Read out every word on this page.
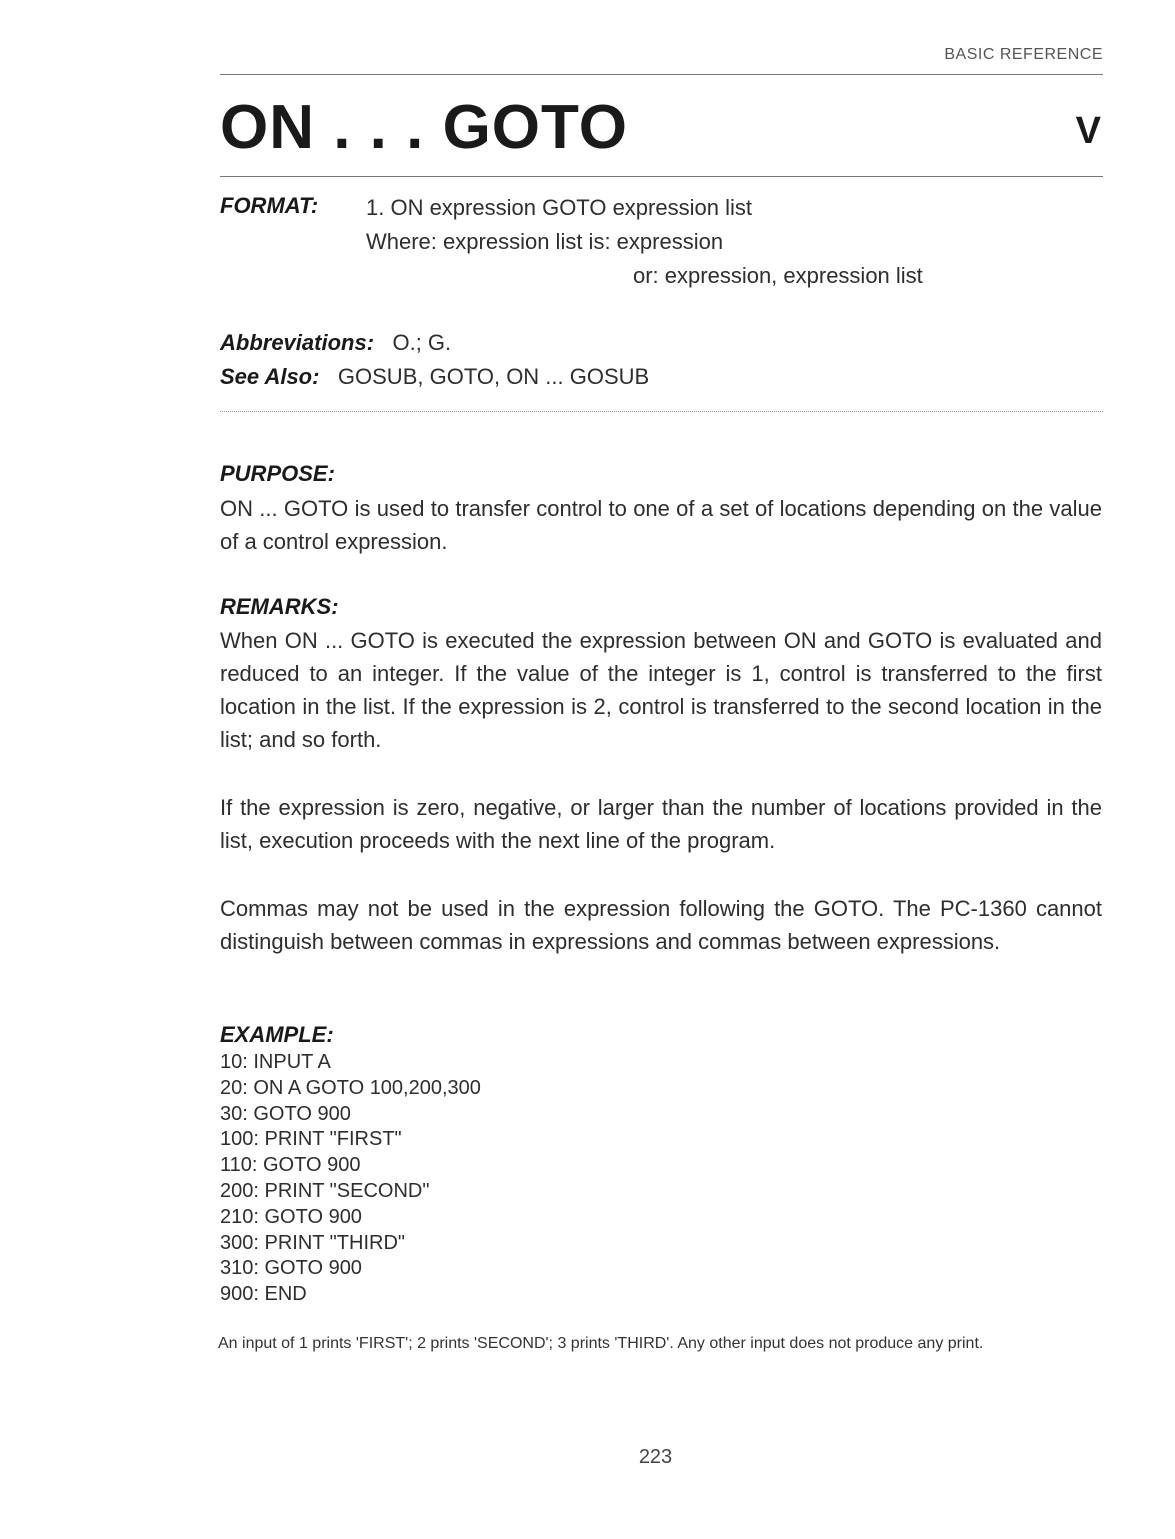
BASIC REFERENCE
ON . . . GOTO	V
FORMAT: 1. ON expression GOTO expression list
Where: expression list is: expression
or: expression, expression list
Abbreviations: O.; G.
See Also: GOSUB, GOTO, ON ... GOSUB
PURPOSE:

ON ... GOTO is used to transfer control to one of a set of locations depending on the value of a control expression.

REMARKS:

When ON ... GOTO is executed the expression between ON and GOTO is evaluated and reduced to an integer. If the value of the integer is 1, control is transferred to the first location in the list. If the expression is 2, control is transferred to the second location in the list; and so forth.

If the expression is zero, negative, or larger than the number of locations provided in the list, execution proceeds with the next line of the program.

Commas may not be used in the expression following the GOTO. The PC-1360 cannot distinguish between commas in expressions and commas between expressions.

EXAMPLE:
10: INPUT A
20: ON A GOTO 100,200,300
30: GOTO 900
100: PRINT "FIRST"
110: GOTO 900
200: PRINT "SECOND"
210: GOTO 900
300: PRINT "THIRD"
310: GOTO 900
900: END

An input of 1 prints 'FIRST'; 2 prints 'SECOND'; 3 prints 'THIRD'. Any other input does not produce any print.

223
